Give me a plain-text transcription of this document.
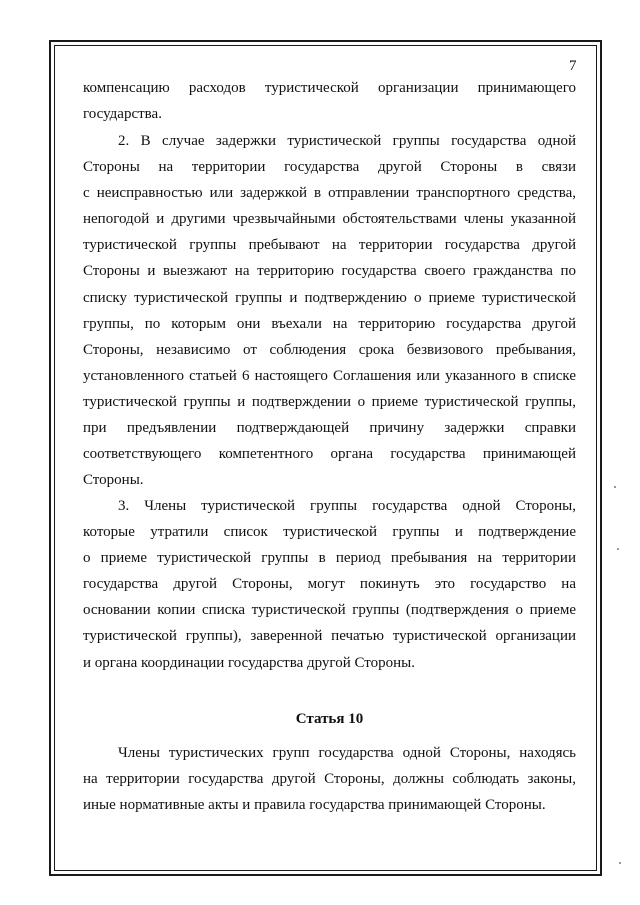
7
компенсацию расходов туристической организации принимающего
государства.
2. В случае задержки туристической группы государства одной
Стороны на территории государства другой Стороны в связи
с неисправностью или задержкой в отправлении транспортного средства,
непогодой и другими чрезвычайными обстоятельствами члены указанной
туристической группы пребывают на территории государства другой
Стороны и выезжают на территорию государства своего гражданства по
списку туристической группы и подтверждению о приеме туристической
группы, по которым они въехали на территорию государства другой
Стороны, независимо от соблюдения срока безвизового пребывания,
установленного статьей 6 настоящего Соглашения или указанного в списке
туристической группы и подтверждении о приеме туристической группы,
при предъявлении подтверждающей причину задержки справки
соответствующего компетентного органа государства принимающей
Стороны.
3. Члены туристической группы государства одной Стороны,
которые утратили список туристической группы и подтверждение
о приеме туристической группы в период пребывания на территории
государства другой Стороны, могут покинуть это государство на
основании копии списка туристической группы (подтверждения о приеме
туристической группы), заверенной печатью туристической организации
и органа координации государства другой Стороны.
Статья 10
Члены туристических групп государства одной Стороны, находясь
на территории государства другой Стороны, должны соблюдать законы,
иные нормативные акты и правила государства принимающей Стороны.
